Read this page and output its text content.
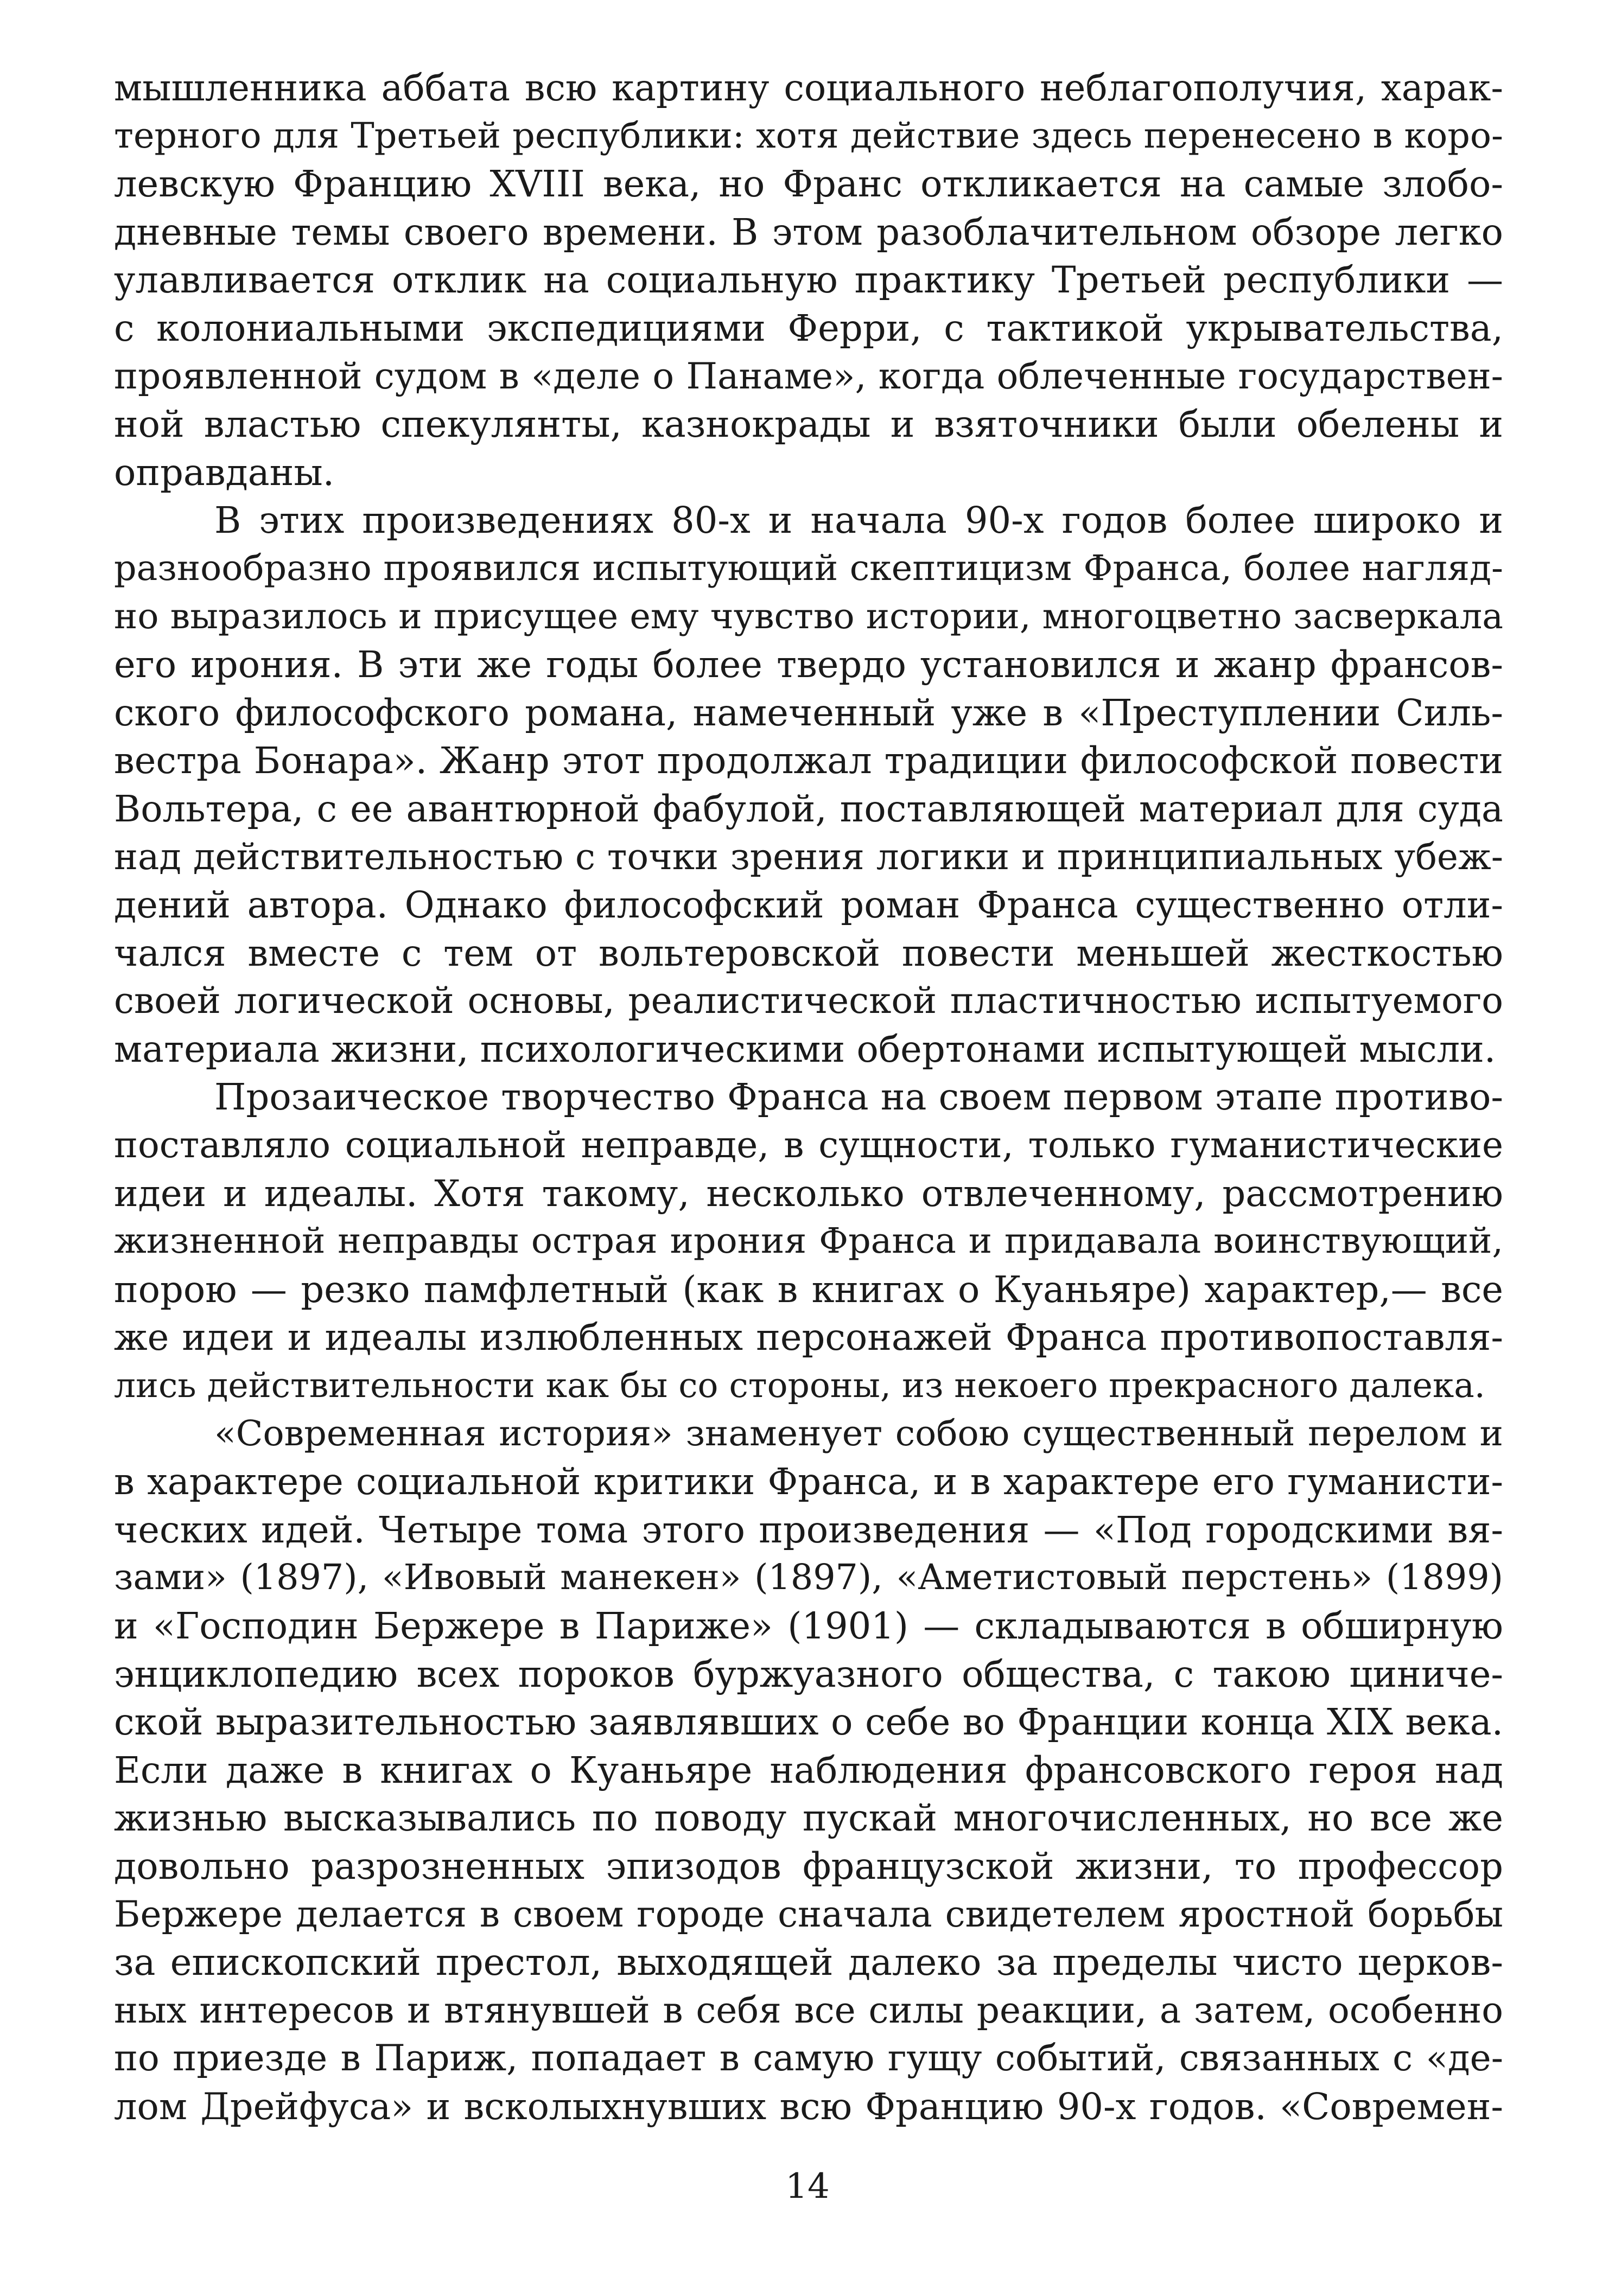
мышленника аббата всю картину социального неблагополучия, харак-
терного для Третьей республики: хотя действие здесь перенесено в коро-
левскую Францию XVIII века, но Франс откликается на самые злобо-
дневные темы своего времени. В этом разоблачительном обзоре легко
улавливается отклик на социальную практику Третьей республики —
с колониальными экспедициями Ферри, с тактикой укрывательства,
проявленной судом в «деле о Панаме», когда облеченные государствен-
ной властью спекулянты, казнокрады и взяточники были обелены и
оправданы.
В этих произведениях 80-х и начала 90-х годов более широко и
разнообразно проявился испытующий скептицизм Франса, более нагляд-
но выразилось и присущее ему чувство истории, многоцветно засверкала
его ирония. В эти же годы более твердо установился и жанр франсов-
ского философского романа, намеченный уже в «Преступлении Силь-
вестра Бонара». Жанр этот продолжал традиции философской повести
Вольтера, с ее авантюрной фабулой, поставляющей материал для суда
над действительностью с точки зрения логики и принципиальных убеж-
дений автора. Однако философский роман Франса существенно отли-
чался вместе с тем от вольтеровской повести меньшей жесткостью
своей логической основы, реалистической пластичностью испытуемого
материала жизни, психологическими обертонами испытующей мысли.
Прозаическое творчество Франса на своем первом этапе противо-
поставляло социальной неправде, в сущности, только гуманистические
идеи и идеалы. Хотя такому, несколько отвлеченному, рассмотрению
жизненной неправды острая ирония Франса и придавала воинствующий,
порою — резко памфлетный (как в книгах о Куаньяре) характер,— все
же идеи и идеалы излюбленных персонажей Франса противопоставля-
лись действительности как бы со стороны, из некоего прекрасного далека.
«Современная история» знаменует собою существенный перелом и
в характере социальной критики Франса, и в характере его гуманисти-
ческих идей. Четыре тома этого произведения — «Под городскими вя-
зами» (1897), «Ивовый манекен» (1897), «Аметистовый перстень» (1899)
и «Господин Бержере в Париже» (1901) — складываются в обширную
энциклопедию всех пороков буржуазного общества, с такою циниче-
ской выразительностью заявлявших о себе во Франции конца XIX века.
Если даже в книгах о Куаньяре наблюдения франсовского героя над
жизнью высказывались по поводу пускай многочисленных, но все же
довольно разрозненных эпизодов французской жизни, то профессор
Бержере делается в своем городе сначала свидетелем яростной борьбы
за епископский престол, выходящей далеко за пределы чисто церков-
ных интересов и втянувшей в себя все силы реакции, а затем, особенно
по приезде в Париж, попадает в самую гущу событий, связанных с «де-
лом Дрейфуса» и всколыхнувших всю Францию 90-х годов. «Современ-
14
